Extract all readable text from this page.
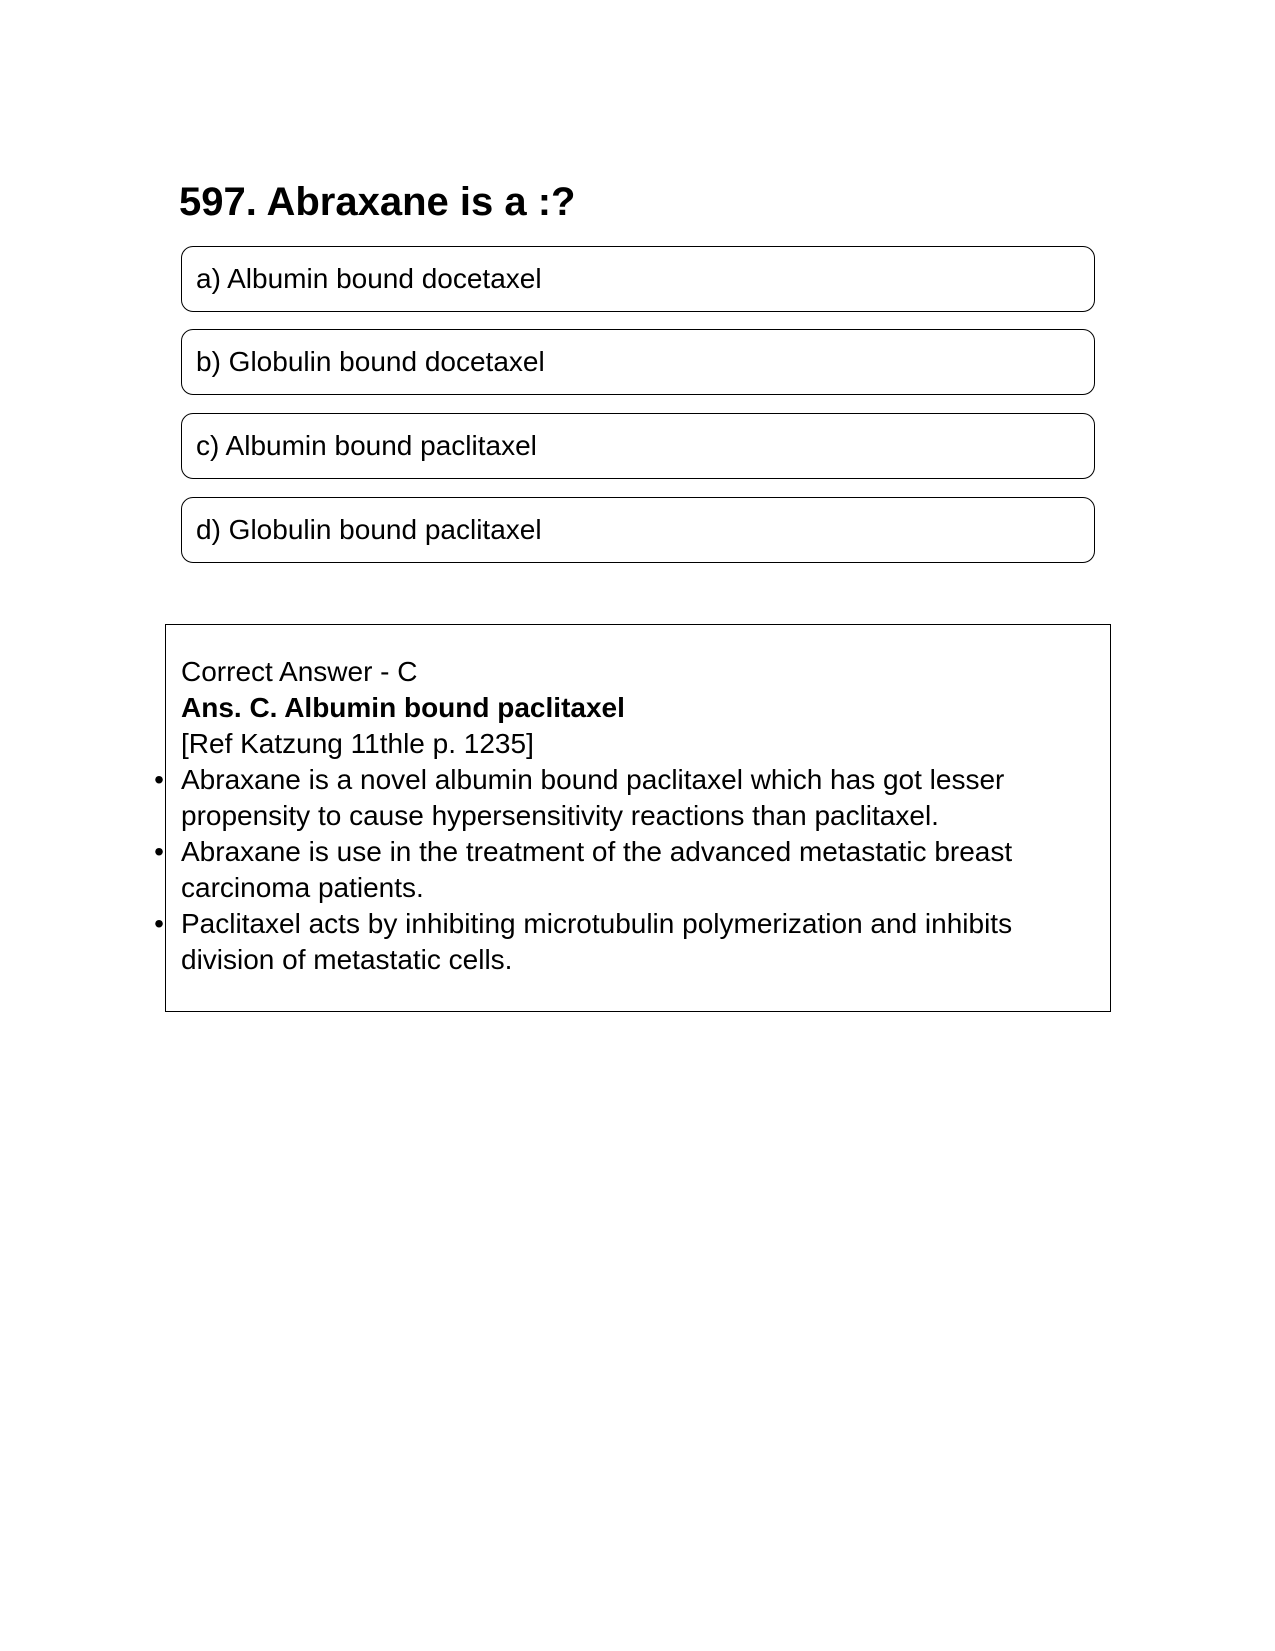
597. Abraxane is a :?
a) Albumin bound docetaxel
b) Globulin bound docetaxel
c) Albumin bound paclitaxel
d) Globulin bound paclitaxel
Correct Answer - C
Ans. C. Albumin bound paclitaxel
[Ref Katzung 11thle p. 1235]
• Abraxane is a novel albumin bound paclitaxel which has got lesser propensity to cause hypersensitivity reactions than paclitaxel.
• Abraxane is use in the treatment of the advanced metastatic breast carcinoma patients.
• Paclitaxel acts by inhibiting microtubulin polymerization and inhibits division of metastatic cells.
